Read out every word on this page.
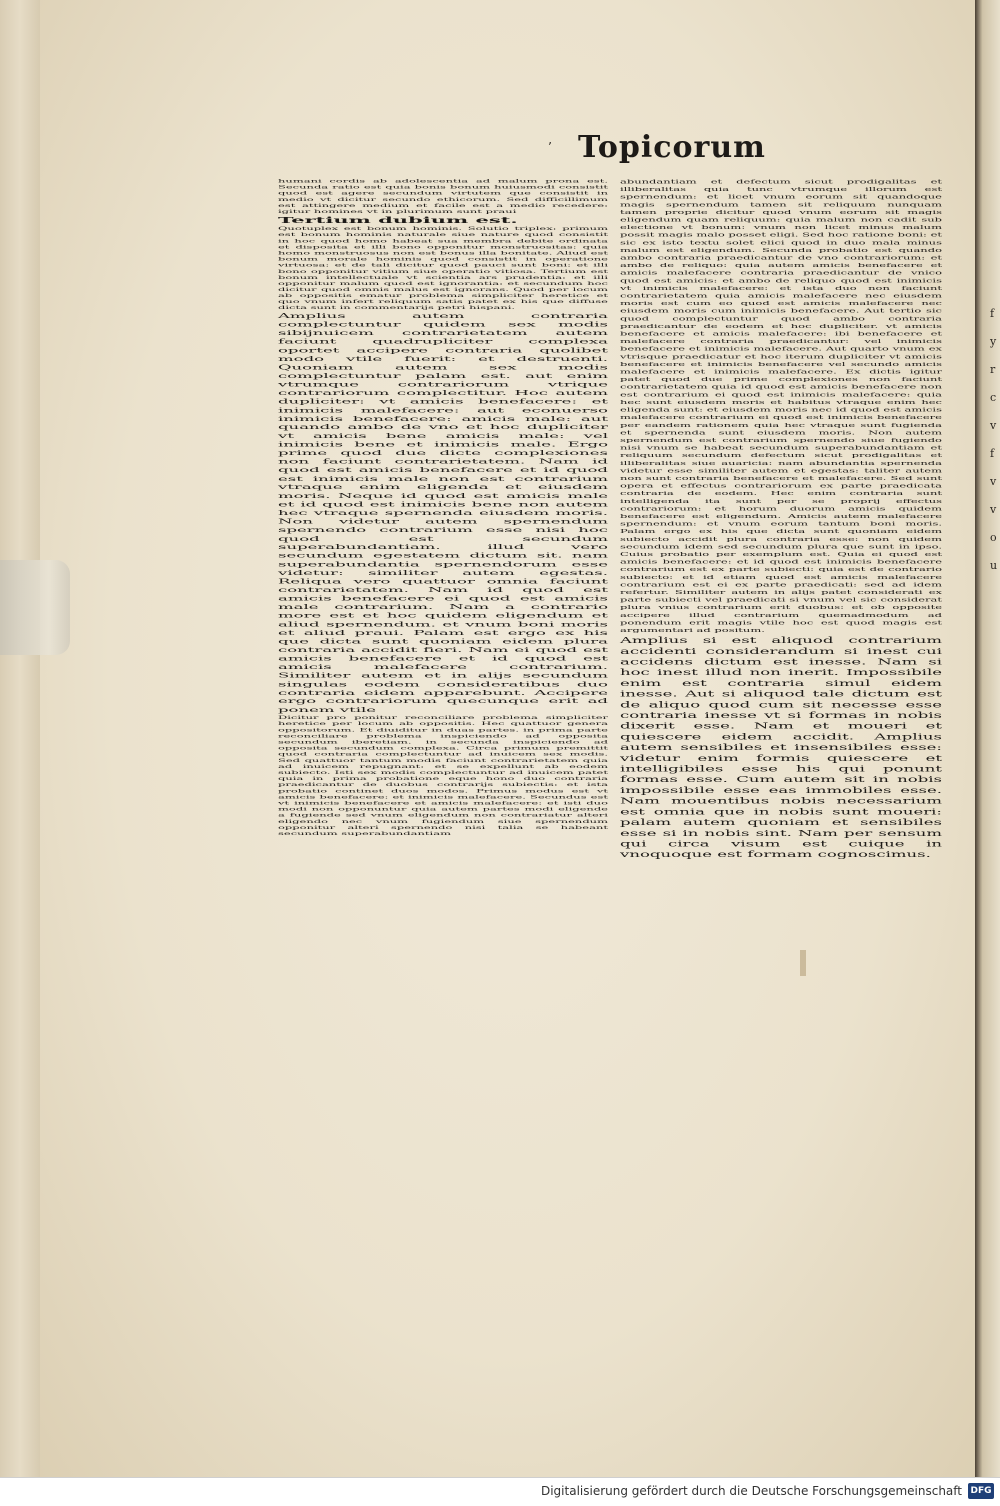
’ Topicorum

humani cordis ab adolescentia ad malum prona est. Secunda ratio est quia bonis bonum huiusmodi consistit quod est agere secundum virtutem que consistit in medio vt dicitur secundo ethicorum. Sed difficillimum est attingere medium et facile est a medio recedere: igitur homines vt in plurimum sunt praui

Tertium dubium est.

Quotuplex est bonum hominis. Solutio triplex: primum est bonum hominis naturale siue nature quod consistit in hoc quod homo habeat sua membra debite ordinata et disposita et illi bono opponitur monstruositas: quia homo monstruosus non est bonus illa bonitate. Aliud est bonum morale hominis quod consistit in operatione virtuosa: et de tali dicitur quod pauci sunt boni: et illi bono opponitur vitium siue operatio vitiosa. Tertium est bonum intellectuale vt scientia ars prudentia: et illi opponitur malum quod est ignorantia: et secundum hoc dicitur quod omnis malus est ignorans. Quod per locum ab oppositis ematur problema simpliciter heretice et quo vnum infert reliquum satis patet ex his que diffuse dicta sunt in commentarijs petri hispani.

Amplius autem contraria complectuntur quidem sex modis sibijnuicem contrarietatem autem faciunt quadrupliciter complexa oportet accipere contraria quolibet modo vtile fuerit: et destruenti. Quoniam autem sex modis complectuntur palam est. aut enim vtrumque contrariorum vtrique contrariorum complectitur. Hoc autem dupliciter: vt amicis benefacere: et inimicis malefacere: aut econuerso inimicis benefacere: amicis male: aut quando ambo de vno et hoc dupliciter vt amicis bene amicis male: vel inimicis bene et inimicis male. Ergo prime quod due dicte complexiones non faciunt contrarietatem. Nam id quod est amicis benefacere et id quod est inimicis male non est contrarium vtraque enim eligenda et eiusdem moris. Neque id quod est amicis male et id quod est inimicis bene non autem hec vtraque spernenda eiusdem moris. Non videtur autem spernendum spernendo contrarium esse nisi hoc quod est secundum superabundantiam. illud vero secundum egestatem dictum sit. nam superabundantia spernendorum esse videtur: similiter autem egestas. Reliqua vero quattuor omnia faciunt contrarietatem. Nam id quod est amicis benefacere ei quod est amicis male contrarium. Nam a contrario more est et hoc quidem eligendum et aliud spernendum. et vnum boni moris et aliud praui. Palam est ergo ex his que dicta sunt quoniam eidem plura contraria accidit fieri. Nam ei quod est amicis benefacere et id quod est amicis malefacere contrarium. Similiter autem et in alijs secundum singulas eodem consideratibus duo contraria eidem apparebunt. Accipere ergo contrariorum quecunque erit ad ponem vtile

Dicitur pro ponitur reconciliare problema simpliciter heretice per locum ab oppositis. Hec quattuor genera oppositorum. Et diuiditur in duas partes. in prima parte reconciliare problema inspiciendo ad opposita secundum iberetiam. in secunda inspiciendo ad opposita secundum complexa. Circa primum premittit quod contraria complectuntur ad inuicem sex modis. Sed quattuor tantum modis faciunt contrarietatem quia ad inuicem repugnant: et se expellunt ab eodem subiecto. Isti sex modis complectuntur ad inuicem patet quia in prima probatione eque hono duo contraria praedicantur de duobus contrarijs subiectis: et ista probatio continet duos modos. Primus modus est vt amicis benefacere: et inimicis malefacere. Secundus est vt inimicis benefacere et amicis malefacere: et isti duo modi non opponuntur quia autem partes modi eligende a fugiende sed vnum eligendum non contrariatur alteri eligendo nec vnum fugiendum siue spernendum opponitur alteri spernendo nisi talia se habeant secundum superabundantiam

abundantiam et defectum sicut prodigalitas et illiberalitas quia tunc vtrumque illorum est spernendum: et licet vnum eorum sit quandoque magis spernendum tamen sit reliquum nunquam tamen proprie dicitur quod vnum eorum sit magis eligendum quam reliquum: quia malum non cadit sub electione vt bonum: vnum non licet minus malum possit magis malo posset eligi. Sed hoc ratione boni: et sic ex isto textu solet elici quod in duo mala minus malum est eligendum. Secunda probatio est quando ambo contraria praedicantur de vno contrariorum: et ambo de reliquo: quia autem amicis benefacere et amicis malefacere contraria praedicantur de vnico quod est amicis: et ambo de reliquo quod est inimicis vt inimicis malefacere: et ista duo non faciunt contrarietatem quia amicis malefacere nec eiusdem moris est cum eo quod est amicis malefacere nec eiusdem moris cum inimicis benefacere. Aut tertio sic quod complectuntur quod ambo contraria praedicantur de eodem et hoc dupliciter. vt amicis benefacere et amicis malefacere: ibi benefacere et malefacere contraria praedicantur: vel inimicis benefacere et inimicis malefacere. Aut quarto vnum ex vtrisque praedicatur et hoc iterum dupliciter vt amicis benefacere et inimicis benefacere vel secundo amicis malefacere et inimicis malefacere. Ex dictis igitur patet quod due prime complexiones non faciunt contrarietatem quia id quod est amicis benefacere non est contrarium ei quod est inimicis malefacere: quia hec sunt eiusdem moris et habitus vtraque enim hec eligenda sunt: et eiusdem moris nec id quod est amicis malefacere contrarium ei quod est inimicis benefacere per eandem rationem quia hec vtraque sunt fugienda et spernenda sunt eiusdem moris. Non autem spernendum est contrarium spernendo siue fugiendo nisi vnum se habeat secundum superabundantiam et reliquum secundum defectum sicut prodigalitas et illiberalitas siue auaricia: nam abundantia spernenda videtur esse similiter autem et egestas: taliter autem non sunt contraria benefacere et malefacere. Sed sunt opera et effectus contrariorum ex parte praedicata contraria de eodem. Hec enim contraria sunt intelligenda ita sunt per se proprij effectus contrariorum: et horum duorum amicis quidem benefacere est eligendum. Amicis autem malefacere spernendum: et vnum eorum tantum boni moris. Palam ergo ex his que dicta sunt quoniam eidem subiecto accidit plura contraria esse: non quidem secundum idem sed secundum plura que sunt in ipso. Cuius probatio per exemplum est. Quia ei quod est amicis benefacere: et id quod est inimicis benefacere contrarium est ex parte subiecti: quia est de contrario subiecto: et id etiam quod est amicis malefacere contrarium est ei ex parte praedicati: sed ad idem refertur. Similiter autem in alijs patet considerati ex parte subiecti vel praedicati si vnum vel sic considerat plura vnius contrarium erit duobus: et ob opposite accipere illud contrarium quemadmodum ad ponendum erit magis vtile hoc est quod magis est argumentari ad positum.

Amplius si est aliquod contrarium accidenti considerandum si inest cui accidens dictum est inesse. Nam si hoc inest illud non inerit. Impossibile enim est contraria simul eidem inesse. Aut si aliquod tale dictum est de aliquo quod cum sit necesse esse contraria inesse vt si formas in nobis dixerit esse. Nam et moueri et quiescere eidem accidit. Amplius autem sensibiles et insensibiles esse: videtur enim formis quiescere et intelligibiles esse his qui ponunt formas esse. Cum autem sit in nobis impossibile esse eas immobiles esse. Nam mouentibus nobis necessarium est omnia que in nobis sunt moueri: palam autem quoniam et sensibiles esse si in nobis sint. Nam per sensum qui circa visum est cuique in vnoquoque est formam cognoscimus.

f
y
r
c
v
f
v
v
o
u
Digitalisierung gefördert durch die Deutsche Forschungsgemeinschaft DFG
